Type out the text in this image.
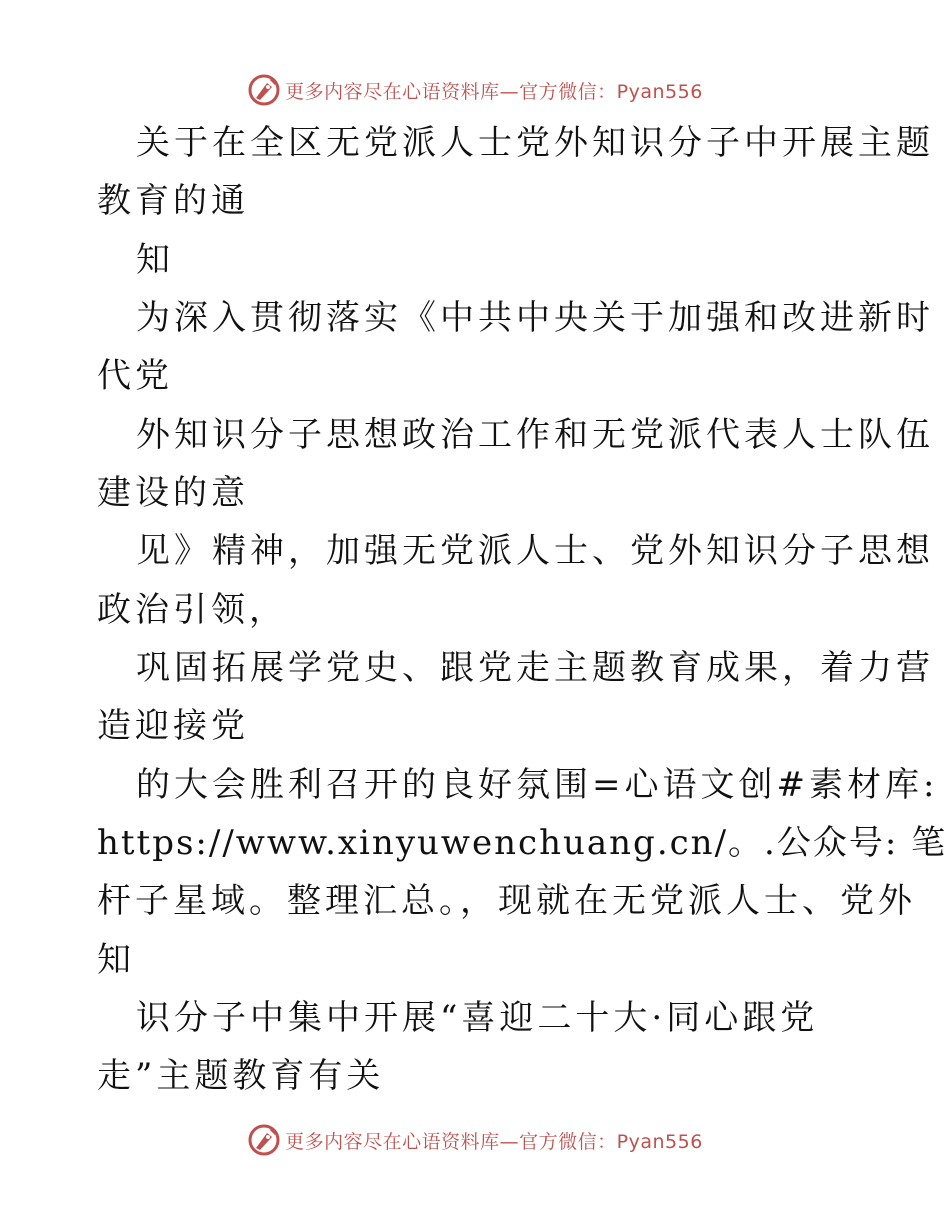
更多内容尽在心语资料库—官方微信：Pyan556
关于在全区无党派人士党外知识分子中开展主题
教育的通
知
为深入贯彻落实《中共中央关于加强和改进新时
代党
外知识分子思想政治工作和无党派代表人士队伍
建设的意
见》精神，加强无党派人士、党外知识分子思想
政治引领，
巩固拓展学党史、跟党走主题教育成果，着力营
造迎接党
的大会胜利召开的良好氛围=心语文创#素材库:
https://www.xinyuwenchuang.cn/。.公众号: 笔
杆子星域。整理汇总。，现就在无党派人士、党外
知
识分子中集中开展“喜迎二十大·同心跟党
走”主题教育有关
更多内容尽在心语资料库—官方微信：Pyan556
